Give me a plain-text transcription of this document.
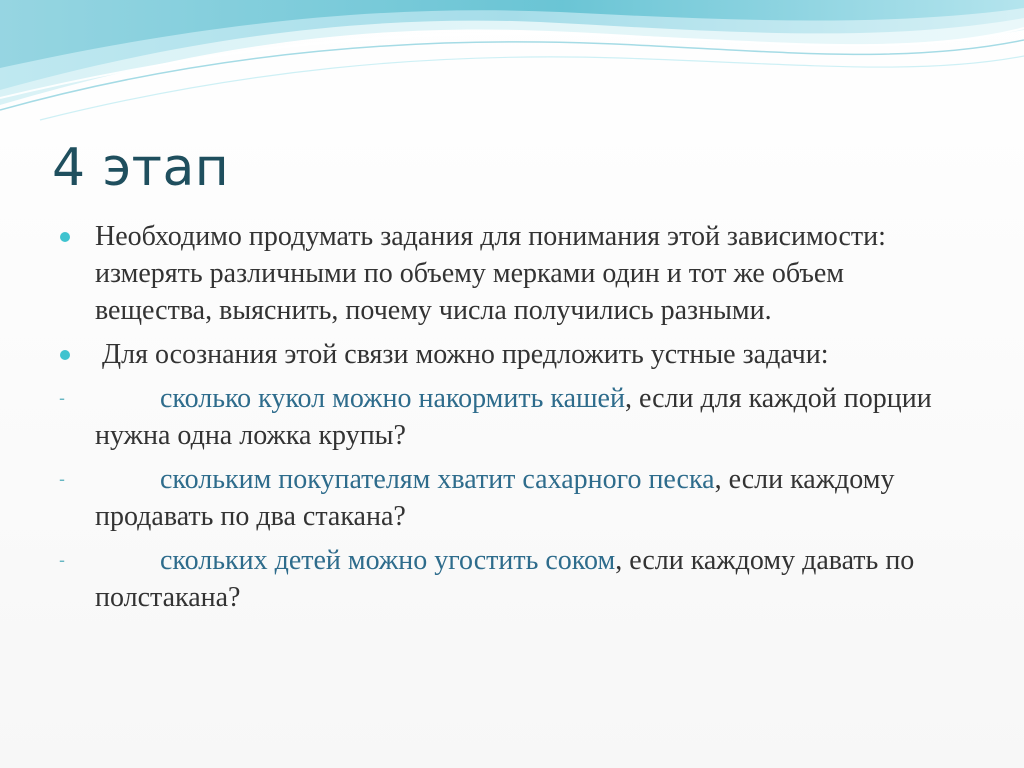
4 этап
Необходимо продумать задания для понимания этой зависимости: измерять различными по объему мерками один и тот же объем вещества, выяснить, почему числа получились разными.
Для осознания этой связи можно предложить устные задачи:
-	сколько кукол можно накормить кашей, если для каждой порции нужна одна ложка крупы?
-	скольким покупателям хватит сахарного песка, если каждому продавать по два стакана?
-	скольких детей можно угостить соком, если каждому давать по полстакана?
